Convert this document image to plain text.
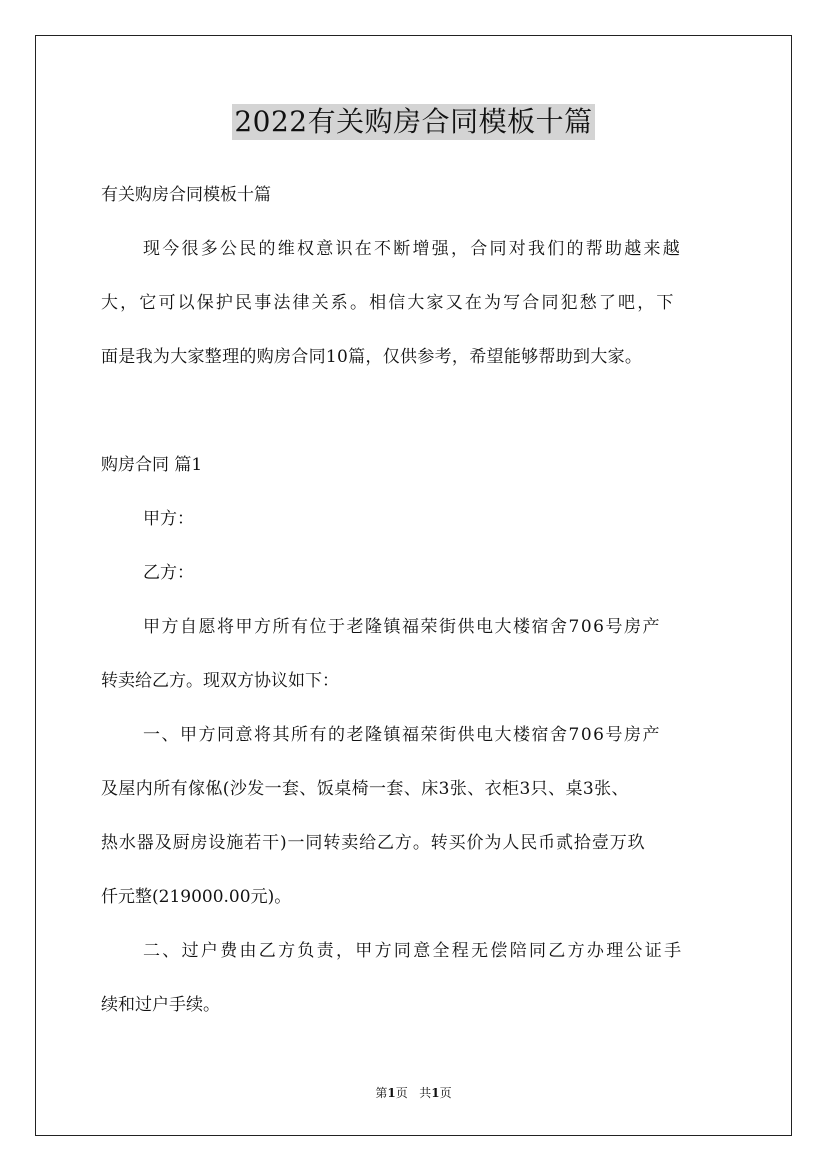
2022有关购房合同模板十篇
有关购房合同模板十篇
现今很多公民的维权意识在不断增强，合同对我们的帮助越来越
大，它可以保护民事法律关系。相信大家又在为写合同犯愁了吧，下
面是我为大家整理的购房合同10篇，仅供参考，希望能够帮助到大家。
购房合同 篇1
甲方：
乙方：
甲方自愿将甲方所有位于老隆镇福荣街供电大楼宿舍706号房产
转卖给乙方。现双方协议如下：
一、甲方同意将其所有的老隆镇福荣街供电大楼宿舍706号房产
及屋内所有傢俬(沙发一套、饭桌椅一套、床3张、衣柜3只、桌3张、
热水器及厨房设施若干)一同转卖给乙方。转买价为人民币贰拾壹万玖
仟元整(219000.00元)。
二、过户费由乙方负责，甲方同意全程无偿陪同乙方办理公证手
续和过户手续。
第1页 共1页
